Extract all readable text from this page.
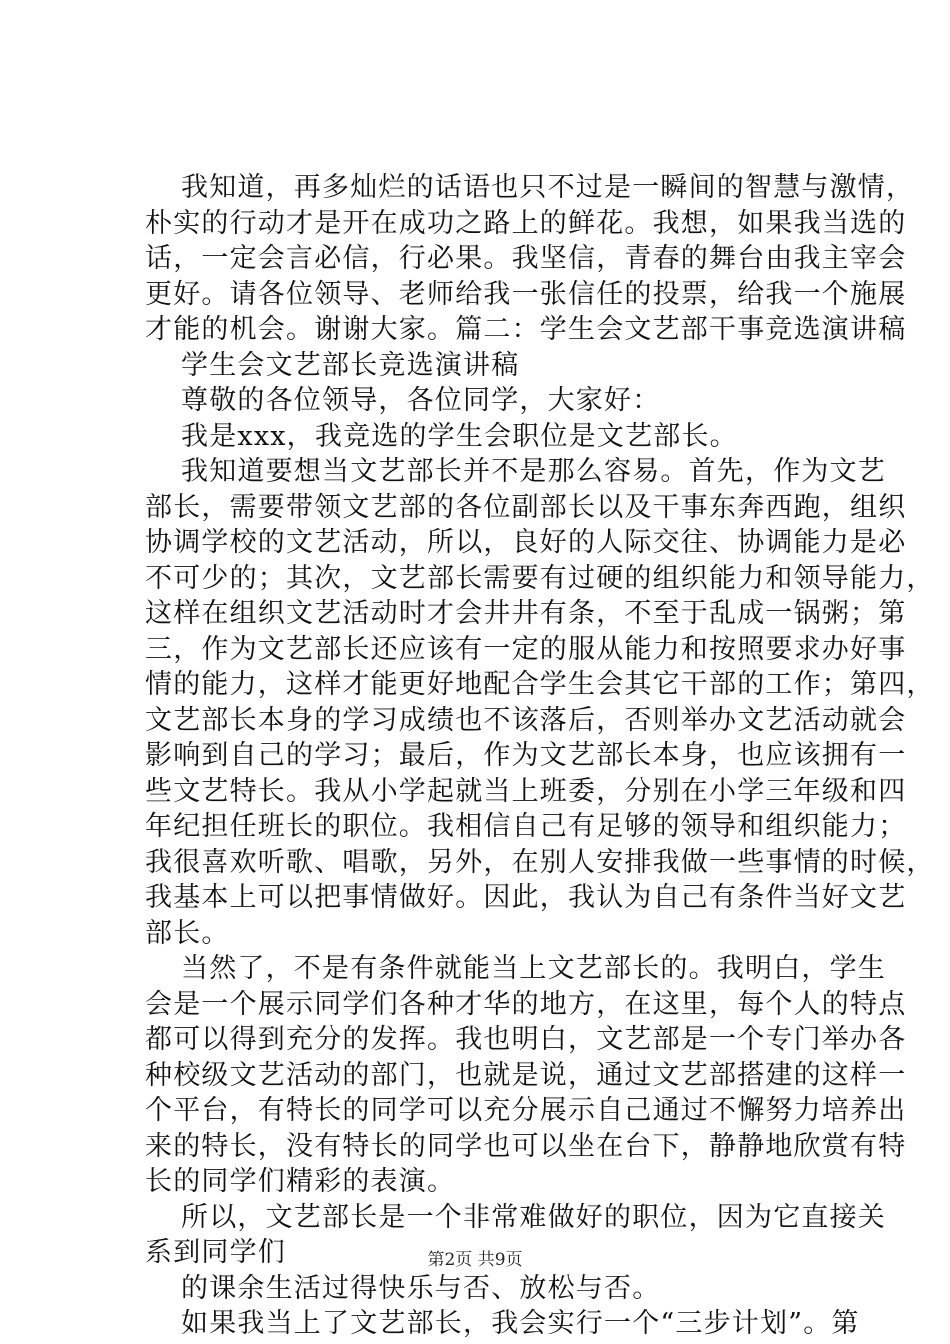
我知道，再多灿烂的话语也只不过是一瞬间的智慧与激情，
朴实的行动才是开在成功之路上的鲜花。我想，如果我当选的
话，一定会言必信，行必果。我坚信，青春的舞台由我主宰会
更好。请各位领导、老师给我一张信任的投票，给我一个施展
才能的机会。谢谢大家。篇二：学生会文艺部干事竞选演讲稿
学生会文艺部长竞选演讲稿
尊敬的各位领导，各位同学，大家好：
我是xxx，我竞选的学生会职位是文艺部长。
我知道要想当文艺部长并不是那么容易。首先，作为文艺
部长，需要带领文艺部的各位副部长以及干事东奔西跑，组织
协调学校的文艺活动，所以，良好的人际交往、协调能力是必
不可少的；其次，文艺部长需要有过硬的组织能力和领导能力，
这样在组织文艺活动时才会井井有条，不至于乱成一锅粥；第
三，作为文艺部长还应该有一定的服从能力和按照要求办好事
情的能力，这样才能更好地配合学生会其它干部的工作；第四，
文艺部长本身的学习成绩也不该落后，否则举办文艺活动就会
影响到自己的学习；最后，作为文艺部长本身，也应该拥有一
些文艺特长。我从小学起就当上班委，分别在小学三年级和四
年纪担任班长的职位。我相信自己有足够的领导和组织能力；
我很喜欢听歌、唱歌，另外，在别人安排我做一些事情的时候，
我基本上可以把事情做好。因此，我认为自己有条件当好文艺
部长。
当然了，不是有条件就能当上文艺部长的。我明白，学生
会是一个展示同学们各种才华的地方，在这里，每个人的特点
都可以得到充分的发挥。我也明白，文艺部是一个专门举办各
种校级文艺活动的部门，也就是说，通过文艺部搭建的这样一
个平台，有特长的同学可以充分展示自己通过不懈努力培养出
来的特长，没有特长的同学也可以坐在台下，静静地欣赏有特
长的同学们精彩的表演。
所以，文艺部长是一个非常难做好的职位，因为它直接关
系到同学们
的课余生活过得快乐与否、放松与否。
如果我当上了文艺部长，我会实行一个“三步计划”。第
第2页 共9页
